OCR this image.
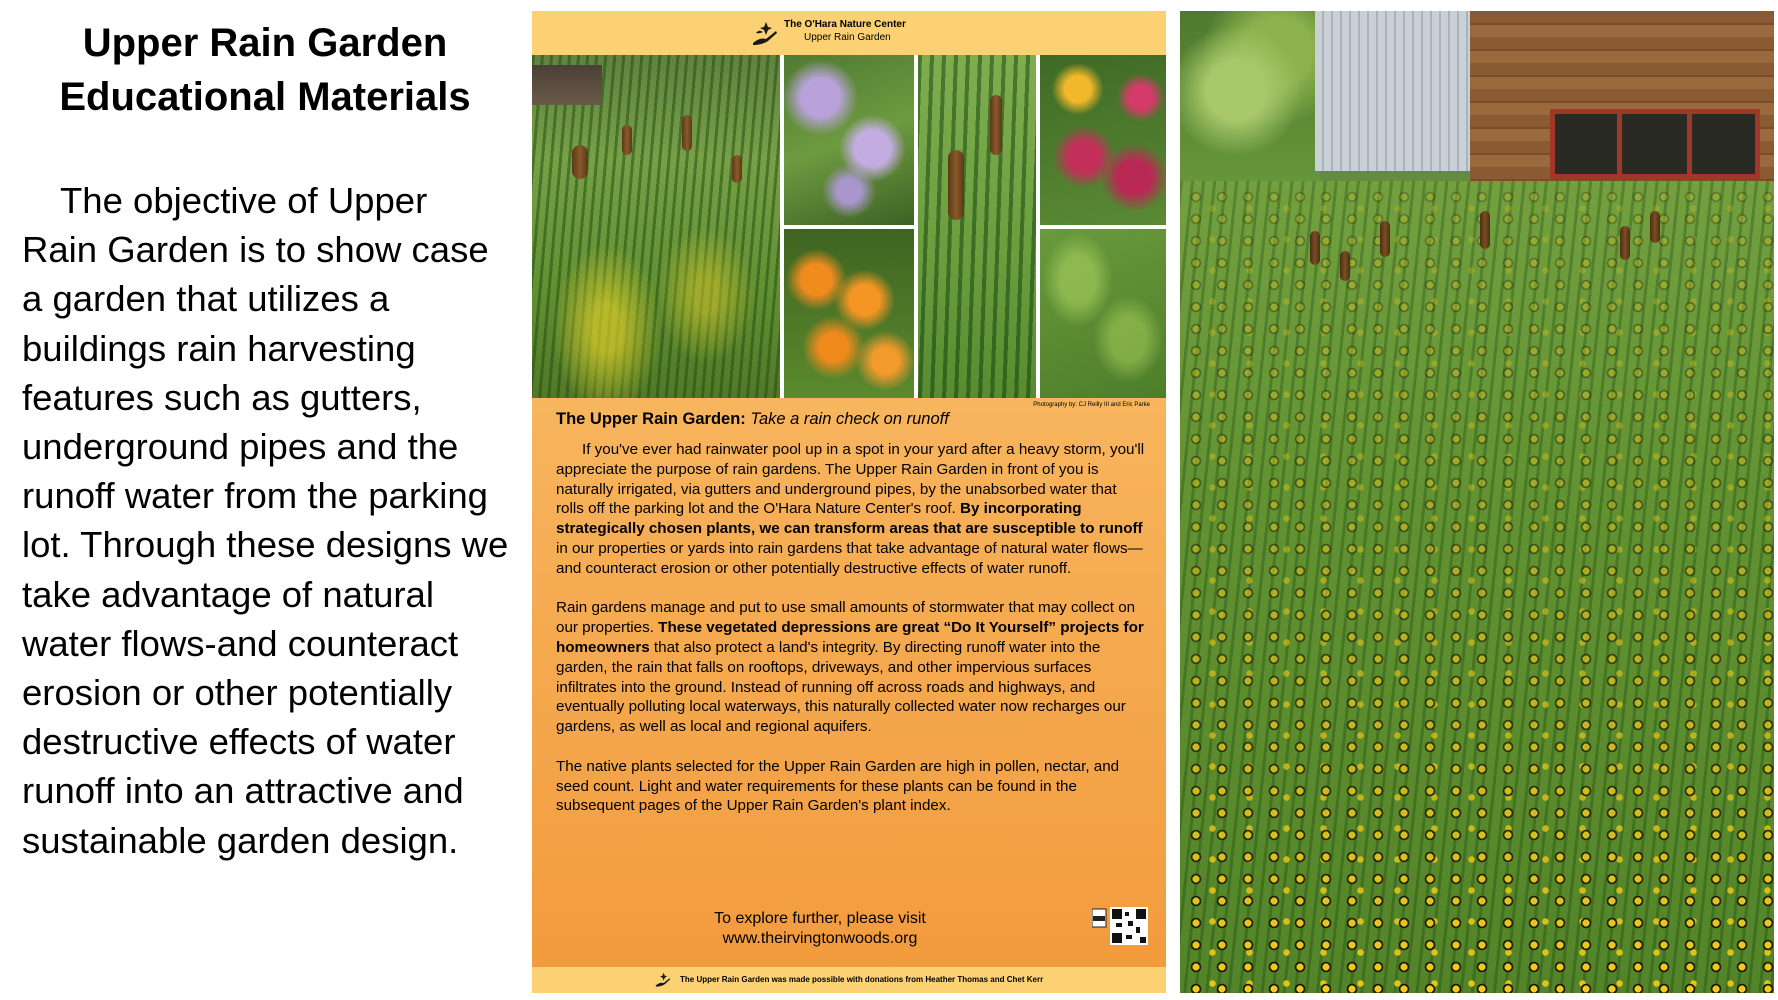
Upper Rain Garden
Educational Materials

The objective of Upper Rain Garden is to show case a garden that utilizes a buildings rain harvesting features such as gutters, underground pipes and the runoff water from the parking lot. Through these designs we take advantage of natural water flows-and counteract erosion or other potentially destructive effects of water runoff into an attractive and sustainable garden design.

The O'Hara Nature Center
Upper Rain Garden
Photography by: CJ Reilly III and Eric Parke
The Upper Rain Garden: Take a rain check on runoff

If you've ever had rainwater pool up in a spot in your yard after a heavy storm, you'll appreciate the purpose of rain gardens. The Upper Rain Garden in front of you is naturally irrigated, via gutters and underground pipes, by the unabsorbed water that rolls off the parking lot and the O'Hara Nature Center's roof. By incorporating strategically chosen plants, we can transform areas that are susceptible to runoff in our properties or yards into rain gardens that take advantage of natural water flows—and counteract erosion or other potentially destructive effects of water runoff.

Rain gardens manage and put to use small amounts of stormwater that may collect on our properties. These vegetated depressions are great “Do It Yourself” projects for homeowners that also protect a land's integrity. By directing runoff water into the garden, the rain that falls on rooftops, driveways, and other impervious surfaces infiltrates into the ground. Instead of running off across roads and highways, and eventually polluting local waterways, this naturally collected water now recharges our gardens, as well as local and regional aquifers.

The native plants selected for the Upper Rain Garden are high in pollen, nectar, and seed count. Light and water requirements for these plants can be found in the subsequent pages of the Upper Rain Garden's plant index.

To explore further, please visit
www.theirvingtonwoods.org
The Upper Rain Garden was made possible with donations from Heather Thomas and Chet Kerr
